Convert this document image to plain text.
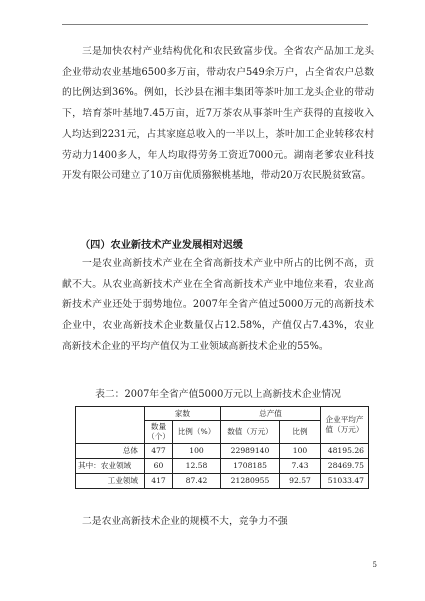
三是加快农村产业结构优化和农民致富步伐。全省农产品加工龙头企业带动农业基地6500多万亩，带动农户549余万户，占全省农户总数的比例达到36%。例如，长沙县在湘丰集团等茶叶加工龙头企业的带动下，培育茶叶基地7.45万亩，近7万茶农从事茶叶生产获得的直接收入人均达到2231元，占其家庭总收入的一半以上，茶叶加工企业转移农村劳动力1400多人，年人均取得劳务工资近7000元。湖南老爹农业科技开发有限公司建立了10万亩优质猕猴桃基地，带动20万农民脱贫致富。

（四）农业新技术产业发展相对迟缓

一是农业高新技术产业在全省高新技术产业中所占的比例不高，贡献不大。从农业高新技术产业在全省高新技术产业中地位来看，农业高新技术产业还处于弱势地位。2007年全省产值过5000万元的高新技术企业中，农业高新技术企业数量仅占12.58%，产值仅占7.43%，农业高新技术企业的平均产值仅为工业领域高新技术企业的55%。

表二：2007年全省产值5000万元以上高新技术企业情况

	家数		总产值		企业平均产值（万元）
	数量（个）	比例（%）	数值（万元）	比例	
总体	477	100	22989140	100	48195.26
其中：农业领域	60	12.58	1708185	7.43	28469.75
工业领域	417	87.42	21280955	92.57	51033.47

二是农业高新技术企业的规模不大，竞争力不强

5
